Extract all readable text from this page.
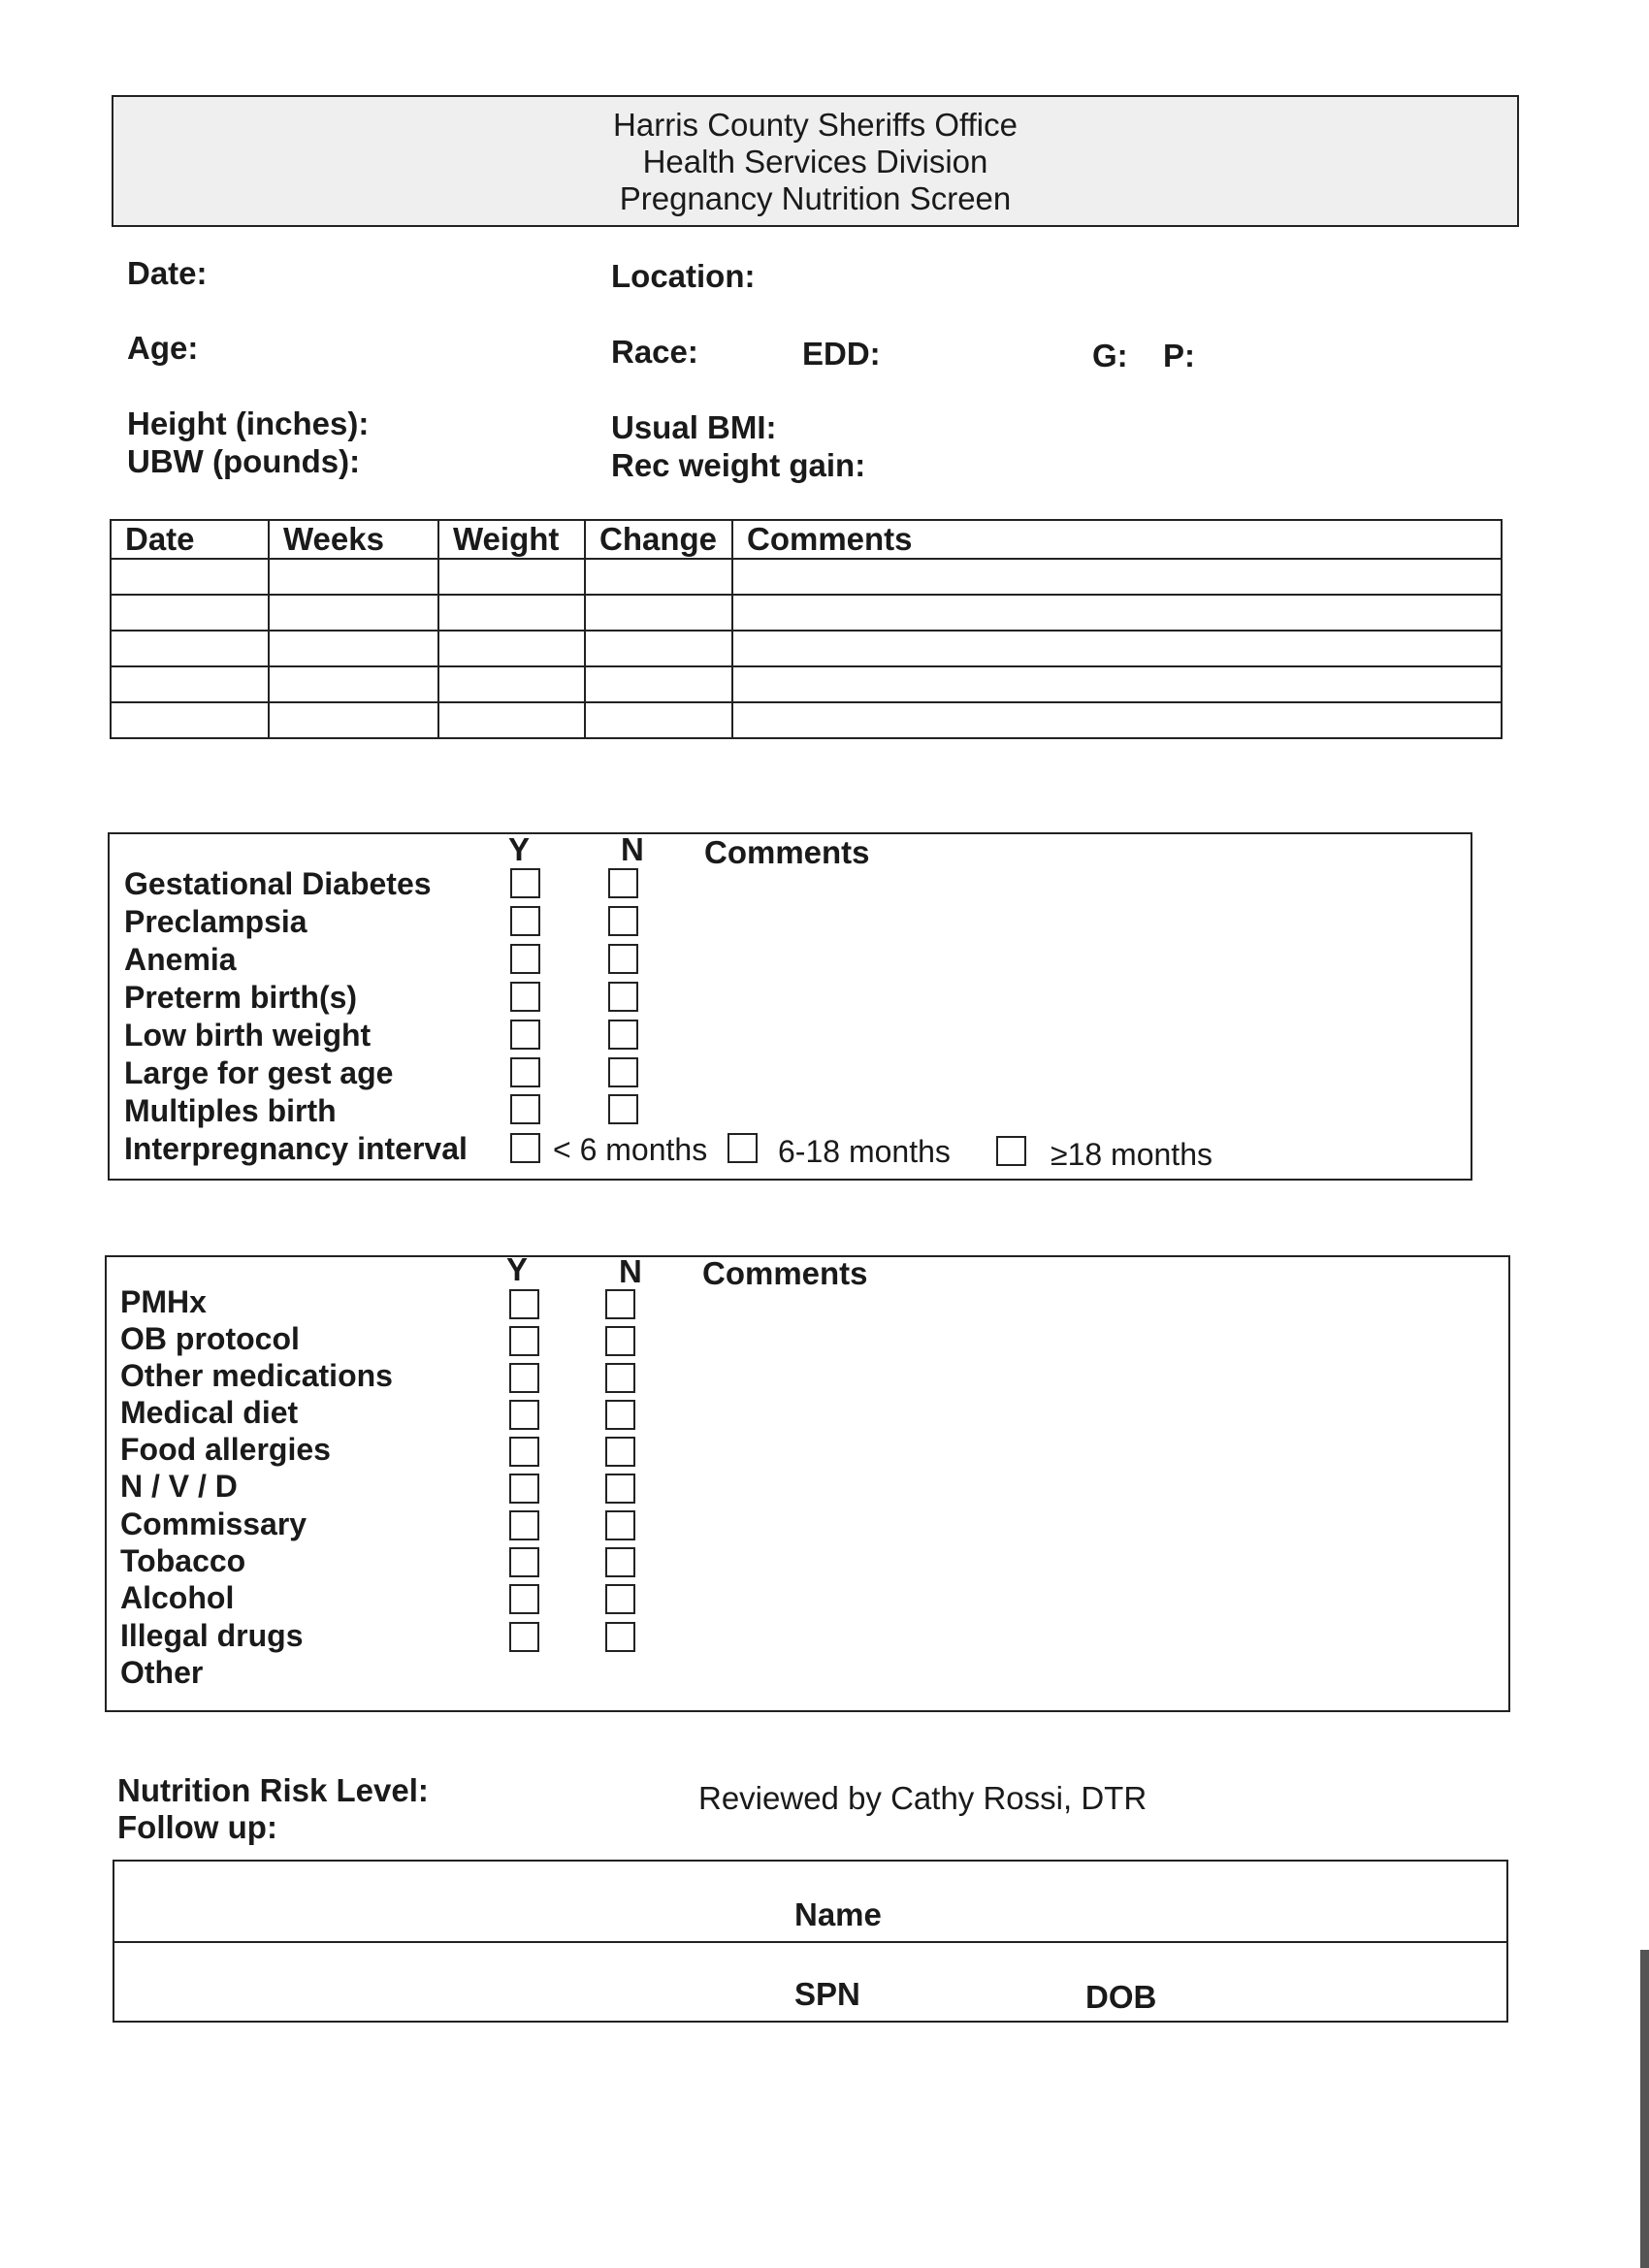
Harris County Sheriffs Office
Health Services Division
Pregnancy Nutrition Screen
Date:	Location:
Age:	Race:	EDD:	G: P:
Height (inches):
UBW (pounds):
Usual BMI:
Rec weight gain:
Date	Weeks	Weight	Change	Comments

Y	N Comments
Gestational Diabetes
Preclampsia
Anemia
Preterm birth(s)
Low birth weight
Large for gest age
Multiples birth
Interpregnancy interval	< 6 months 6-18 months	≥18 months
Y	N Comments
PMHx
OB protocol
Other medications
Medical diet
Food allergies
N / V / D
Commissary
Tobacco
Alcohol
Illegal drugs
Other
Nutrition Risk Level:
Follow up:
Reviewed by Cathy Rossi, DTR
Name
SPN	DOB
